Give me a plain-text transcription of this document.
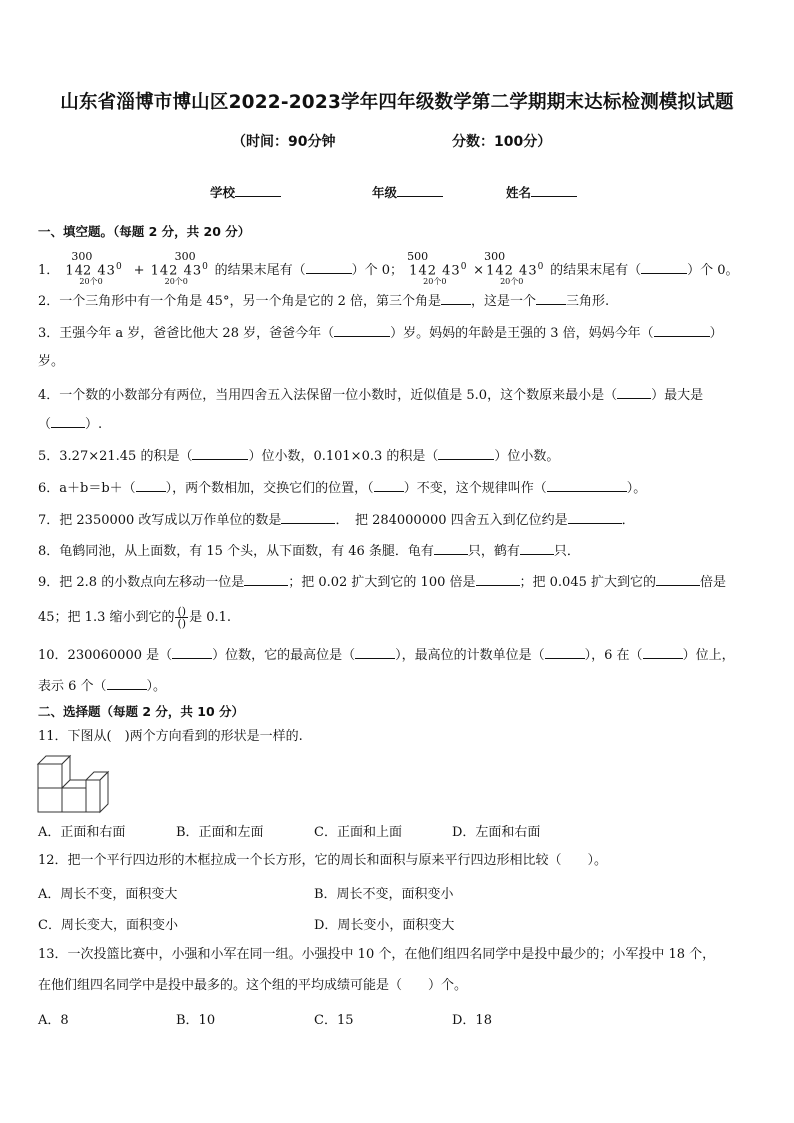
山东省淄博市博山区2022-2023学年四年级数学第二学期期末达标检测模拟试题
（时间：90分钟	分数：100分）
学校	年级	姓名
一、填空题。（每题 2 分，共 20 分）
1．
300
142 $43^0$
20个0
+
300
142 $43^0$
20个0
的结果末尾有（	）个 0；
500
142 $43^0$
20个0
×
300
142 $43^0$
20个0
的结果末尾有（	）个 0。
2．一个三角形中有一个角是 45°，另一个角是它的 2 倍，第三个角是 ，这是一个 三角形.
3．王强今年 a 岁，爸爸比他大 28 岁，爸爸今年（	）岁。妈妈的年龄是王强的 3 倍，妈妈今年（	）
岁。
4．一个数的小数部分有两位，当用四舍五入法保留一位小数时，近似值是 5.0，这个数原来最小是（	）最大是
（	）.
5．3.27×21.45 的积是（	）位小数，0.101×0.3 的积是（	）位小数。
6．a＋b＝b＋（ ），两个数相加，交换它们的位置，（ ）不变，这个规律叫作（	）。
7．把 2350000 改写成以万作单位的数是	．　把 284000000 四舍五入到亿位约是	．
8．龟鹤同池，从上面数，有 15 个头，从下面数，有 46 条腿．龟有	只，鹤有	只．
9．把 2.8 的小数点向左移动一位是	；把 0.02 扩大到它的 100 倍是	；把 0.045 扩大到它的	倍是
45；把 1.3 缩小到它的 $\frac{()}{()}$ 是 0.1.
10．230060000 是（	）位数，它的最高位是（	），最高位的计数单位是（	），6 在（	）位上，
表示 6 个（	）。
二、选择题（每题 2 分，共 10 分）
11．下图从(　)两个方向看到的形状是一样的.
A．正面和右面	B．正面和左面	C．正面和上面	D．左面和右面
12．把一个平行四边形的木框拉成一个长方形，它的周长和面积与原来平行四边形相比较（　　）。
A．周长不变，面积变大	B．周长不变，面积变小
C．周长变大，面积变小	D．周长变小，面积变大
13．一次投篮比赛中，小强和小军在同一组。小强投中 10 个，在他们组四名同学中是投中最少的；小军投中 18 个，
在他们组四名同学中是投中最多的。这个组的平均成绩可能是（　　）个。
A．8	B．10	C．15	D．18
